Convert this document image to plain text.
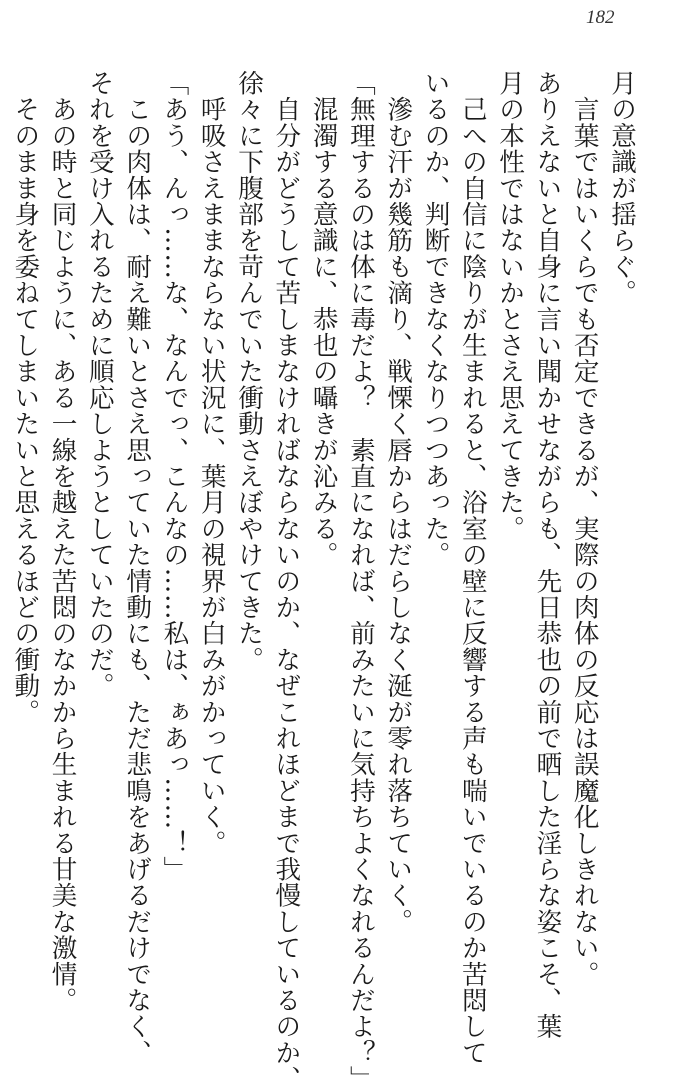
182
月の意識が揺らぐ。
　言葉ではいくらでも否定できるが、実際の肉体の反応は誤魔化しきれない。
ありえないと自身に言い聞かせながらも、先日恭也の前で晒した淫らな姿こそ、葉
月の本性ではないかとさえ思えてきた。
　己への自信に陰りが生まれると、浴室の壁に反響する声も喘いでいるのか苦悶して
いるのか、判断できなくなりつつあった。
　滲む汗が幾筋も滴り、戦慄く唇からはだらしなく涎が零れ落ちていく。
「無理するのは体に毒だよ？　素直になれば、前みたいに気持ちよくなれるんだよ？」
　混濁する意識に、恭也の囁きが沁みる。
　自分がどうして苦しまなければならないのか、なぜこれほどまで我慢しているのか、
徐々に下腹部を苛んでいた衝動さえぼやけてきた。
　呼吸さえままならない状況に、葉月の視界が白みがかっていく。
「あう、んっ……な、なんでっ、こんなの……私は、ぁあっ……！」
　この肉体は、耐え難いとさえ思っていた情動にも、ただ悲鳴をあげるだけでなく、
それを受け入れるために順応しようとしていたのだ。
　あの時と同じように、ある一線を越えた苦悶のなかから生まれる甘美な激情。
　そのまま身を委ねてしまいたいと思えるほどの衝動。
